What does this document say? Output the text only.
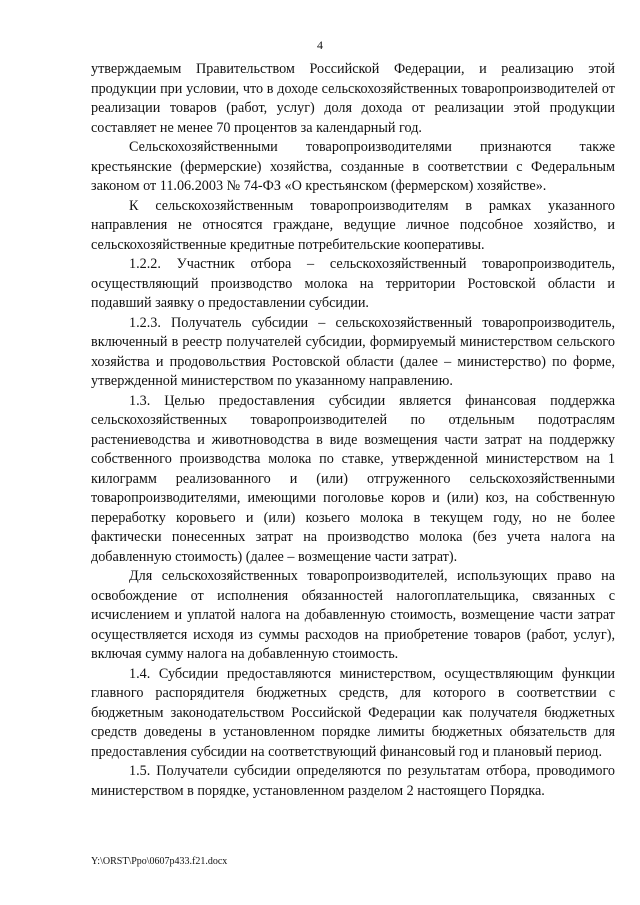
4

утверждаемым Правительством Российской Федерации, и реализацию этой продукции при условии, что в доходе сельскохозяйственных товаропроизводителей от реализации товаров (работ, услуг) доля дохода от реализации этой продукции составляет не менее 70 процентов за календарный год.

Сельскохозяйственными товаропроизводителями признаются также крестьянские (фермерские) хозяйства, созданные в соответствии с Федеральным законом от 11.06.2003 № 74-ФЗ «О крестьянском (фермерском) хозяйстве».

К сельскохозяйственным товаропроизводителям в рамках указанного направления не относятся граждане, ведущие личное подсобное хозяйство, и сельскохозяйственные кредитные потребительские кооперативы.

1.2.2. Участник отбора – сельскохозяйственный товаропроизводитель, осуществляющий производство молока на территории Ростовской области и подавший заявку о предоставлении субсидии.

1.2.3. Получатель субсидии – сельскохозяйственный товаропроизводитель, включенный в реестр получателей субсидии, формируемый министерством сельского хозяйства и продовольствия Ростовской области (далее – министерство) по форме, утвержденной министерством по указанному направлению.

1.3. Целью предоставления субсидии является финансовая поддержка сельскохозяйственных товаропроизводителей по отдельным подотраслям растениеводства и животноводства в виде возмещения части затрат на поддержку собственного производства молока по ставке, утвержденной министерством на 1 килограмм реализованного и (или) отгруженного сельскохозяйственными товаропроизводителями, имеющими поголовье коров и (или) коз, на собственную переработку коровьего и (или) козьего молока в текущем году, но не более фактически понесенных затрат на производство молока (без учета налога на добавленную стоимость) (далее – возмещение части затрат).

Для сельскохозяйственных товаропроизводителей, использующих право на освобождение от исполнения обязанностей налогоплательщика, связанных с исчислением и уплатой налога на добавленную стоимость, возмещение части затрат осуществляется исходя из суммы расходов на приобретение товаров (работ, услуг), включая сумму налога на добавленную стоимость.

1.4. Субсидии предоставляются министерством, осуществляющим функции главного распорядителя бюджетных средств, для которого в соответствии с бюджетным законодательством Российской Федерации как получателя бюджетных средств доведены в установленном порядке лимиты бюджетных обязательств для предоставления субсидии на соответствующий финансовый год и плановый период.

1.5. Получатели субсидии определяются по результатам отбора, проводимого министерством в порядке, установленном разделом 2 настоящего Порядка.

Y:\ORST\Ppo\0607p433.f21.docx
